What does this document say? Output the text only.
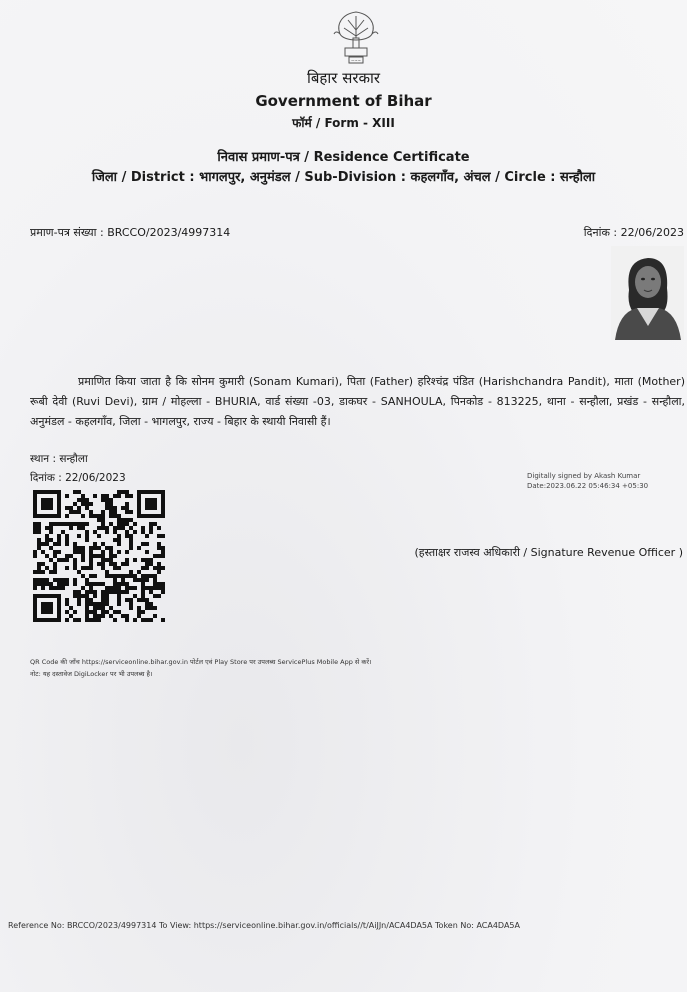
~~~
बिहार सरकार
Government of Bihar
फॉर्म / Form - XIII
निवास प्रमाण-पत्र / Residence Certificate
जिला / District : भागलपुर, अनुमंडल / Sub-Division : कहलगाँव, अंचल / Circle : सन्हौला
प्रमाण-पत्र संख्या : BRCCO/2023/4997314	दिनांक : 22/06/2023

प्रमाणित किया जाता है कि सोनम कुमारी (Sonam Kumari), पिता (Father) हरिश्चंद्र पंडित (Harishchandra Pandit), माता (Mother) रूबी देवी (Ruvi Devi), ग्राम / मोहल्ला - BHURIA, वार्ड संख्या -03, डाकघर - SANHOULA, पिनकोड - 813225, थाना - सन्हौला, प्रखंड - सन्हौला, अनुमंडल - कहलगाँव, जिला - भागलपुर, राज्य - बिहार के स्थायी निवासी हैं।

स्थान : सन्हौला
दिनांक : 22/06/2023	Digitally signed by Akash Kumar
Date:2023.06.22 05:46:34 +05:30
(हस्ताक्षर राजस्व अधिकारी / Signature Revenue Officer )
QR Code की जाँच https://serviceonline.bihar.gov.in पोर्टल एवं Play Store पर उपलब्ध ServicePlus Mobile App से करें।
नोट: यह दस्तावेज DigiLocker पर भी उपलब्ध है।
Reference No: BRCCO/2023/4997314 To View: https://serviceonline.bihar.gov.in/officials//t/AiJJn/ACA4DA5A Token No: ACA4DA5A
